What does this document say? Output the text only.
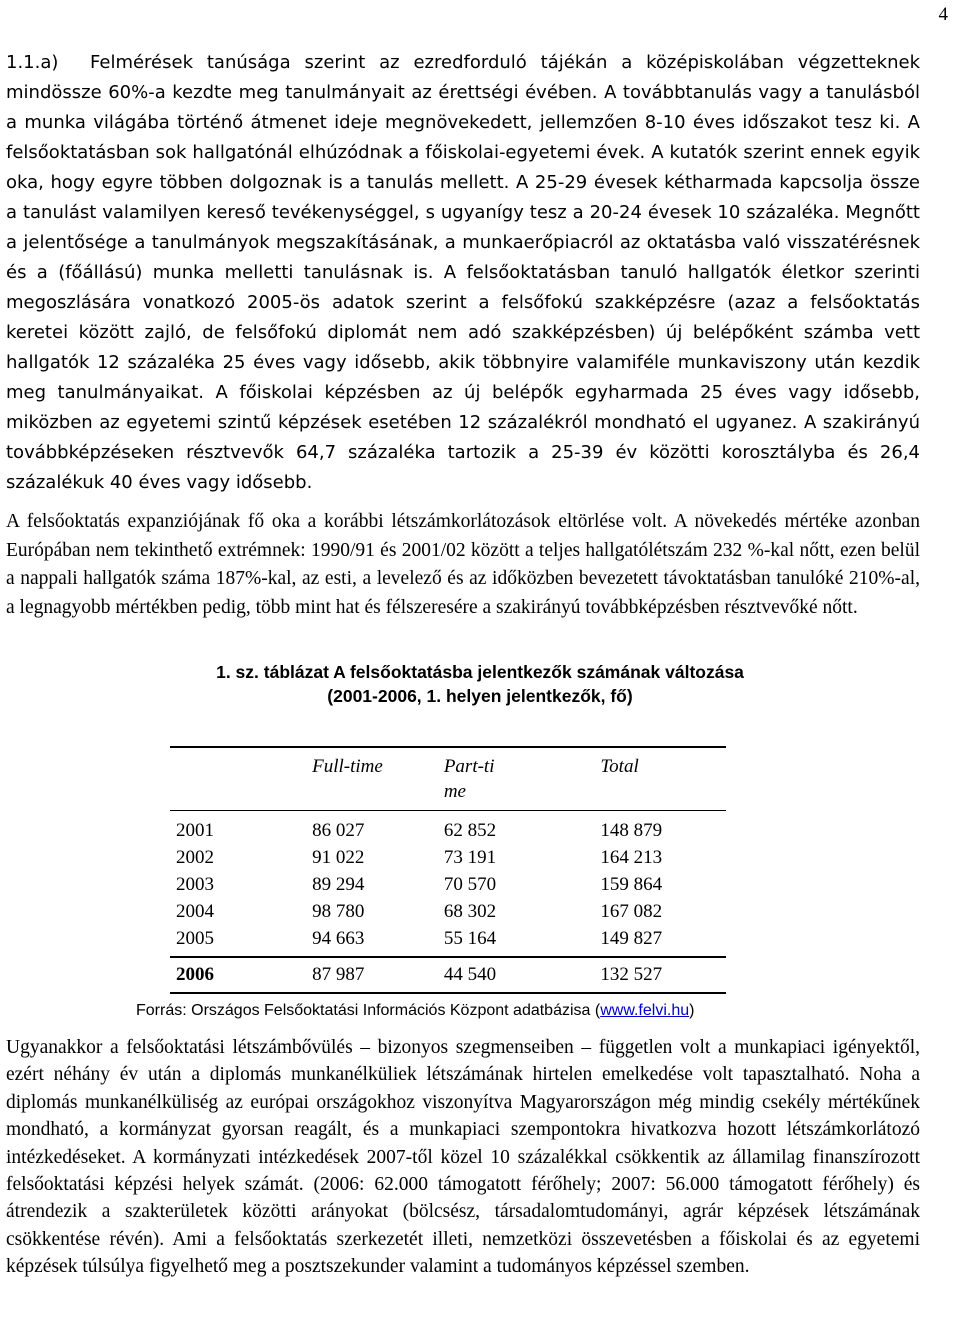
4
1.1.a)	Felmérések tanúsága szerint az ezredforduló tájékán a középiskolában végzetteknek
mindössze 60%-a kezdte meg tanulmányait az érettségi évében. A továbbtanulás vagy a tanulásból a munka világába történő átmenet ideje megnövekedett, jellemzően 8-10 éves időszakot tesz ki. A felsőoktatásban sok hallgatónál elhúzódnak a főiskolai-egyetemi évek. A kutatók szerint ennek egyik oka, hogy egyre többen dolgoznak is a tanulás mellett. A 25-29 évesek kétharmada kapcsolja össze a tanulást valamilyen kereső tevékenységgel, s ugyanígy tesz a 20-24 évesek 10 százaléka. Megnőtt a jelentősége a tanulmányok megszakításának, a munkaerőpiacról az oktatásba való visszatérésnek és a (főállású) munka melletti tanulásnak is. A felsőoktatásban tanuló hallgatók életkor szerinti megoszlására vonatkozó 2005-ös adatok szerint a felsőfokú szakképzésre (azaz a felsőoktatás keretei között zajló, de felsőfokú diplomát nem adó szakképzésben) új belépőként számba vett hallgatók 12 százaléka 25 éves vagy idősebb, akik többnyire valamiféle munkaviszony után kezdik meg tanulmányaikat. A főiskolai képzésben az új belépők egyharmada 25 éves vagy idősebb, miközben az egyetemi szintű képzések esetében 12 százalékról mondható el ugyanez. A szakirányú továbbképzéseken résztvevők 64,7 százaléka tartozik a 25-39 év közötti korosztályba és 26,4 százalékuk 40 éves vagy idősebb.
A felsőoktatás expanziójának fő oka a korábbi létszámkorlátozások eltörlése volt. A növekedés mértéke azonban Európában nem tekinthető extrémnek: 1990/91 és 2001/02 között a teljes hallgatólétszám 232 %-kal nőtt, ezen belül a nappali hallgatók száma 187%-kal, az esti, a levelező és az időközben bevezetett távoktatásban tanulóké 210%-al, a legnagyobb mértékben pedig, több mint hat és félszeresére a szakirányú továbbképzésben résztvevőké nőtt.
1. sz. táblázat A felsőoktatásba jelentkezők számának változása
(2001-2006, 1. helyen jelentkezők, fő)
	Full-time	Part-time	Total
2001	86 027	62 852	148 879
2002	91 022	73 191	164 213
2003	89 294	70 570	159 864
2004	98 780	68 302	167 082
2005	94 663	55 164	149 827
2006	87 987	44 540	132 527
Forrás: Országos Felsőoktatási Információs Központ adatbázisa (www.felvi.hu)
Ugyanakkor a felsőoktatási létszámbővülés – bizonyos szegmenseiben – független volt a munkapiaci igényektől, ezért néhány év után a diplomás munkanélküliek létszámának hirtelen emelkedése volt tapasztalható. Noha a diplomás munkanélküliség az európai országokhoz viszonyítva Magyarországon még mindig csekély mértékűnek mondható, a kormányzat gyorsan reagált, és a munkapiaci szempontokra hivatkozva hozott létszámkorlátozó intézkedéseket. A kormányzati intézkedések 2007-től közel 10 százalékkal csökkentik az államilag finanszírozott felsőoktatási képzési helyek számát. (2006: 62.000 támogatott férőhely; 2007: 56.000 támogatott férőhely) és átrendezik a szakterületek közötti arányokat (bölcsész, társadalomtudományi, agrár képzések létszámának csökkentése révén). Ami a felsőoktatás szerkezetét illeti, nemzetközi összevetésben a főiskolai és az egyetemi képzések túlsúlya figyelhető meg a posztszekunder valamint a tudományos képzéssel szemben.
